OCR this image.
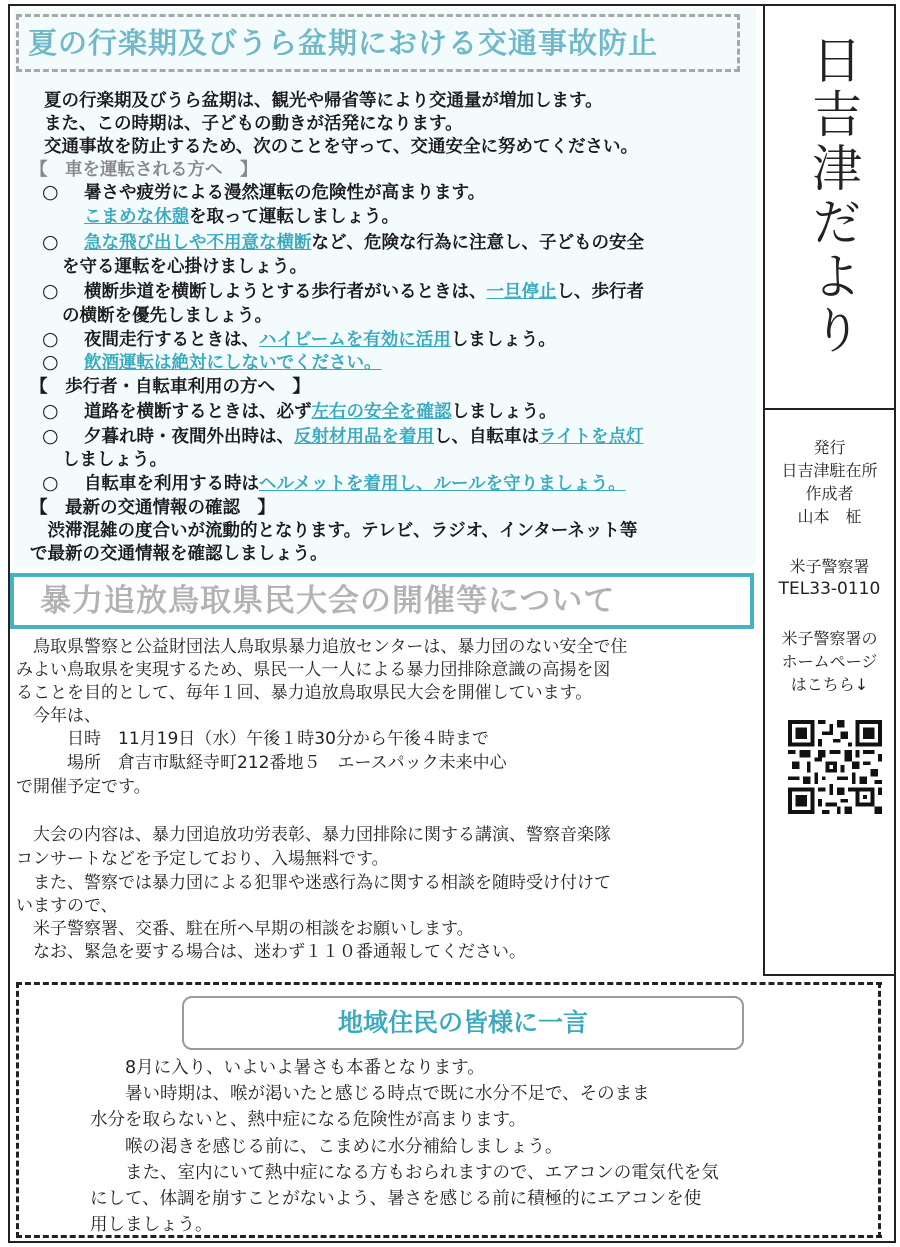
夏の行楽期及びうら盆期における交通事故防止
夏の行楽期及びうら盆期は、観光や帰省等により交通量が増加します。
また、この時期は、子どもの動きが活発になります。
交通事故を防止するため、次のことを守って、交通安全に努めてください。
【　車を運転される方へ　】
○ 暑さや疲労による漫然運転の危険性が高まります。
こまめな休憩を取って運転しましょう。
○ 急な飛び出しや不用意な横断など、危険な行為に注意し、子どもの安全
を守る運転を心掛けましょう。
○ 横断歩道を横断しようとする歩行者がいるときは、一旦停止し、歩行者
の横断を優先しましょう。
○ 夜間走行するときは、ハイビームを有効に活用しましょう。
○ 飲酒運転は絶対にしないでください。
【　歩行者・自転車利用の方へ　】
○ 道路を横断するときは、必ず左右の安全を確認しましょう。
○ 夕暮れ時・夜間外出時は、反射材用品を着用し、自転車はライトを点灯
しましょう。
○ 自転車を利用する時はヘルメットを着用し、ルールを守りましょう。
【　最新の交通情報の確認　】
　渋滞混雑の度合いが流動的となります。テレビ、ラジオ、インターネット等
で最新の交通情報を確認しましょう。
暴力追放鳥取県民大会の開催等について
　鳥取県警察と公益財団法人鳥取県暴力追放センターは、暴力団のない安全で住
みよい鳥取県を実現するため、県民一人一人による暴力団排除意識の高揚を図
ることを目的として、毎年１回、暴力追放鳥取県民大会を開催しています。
　今年は、
　　　日時　11月19日（水）午後１時30分から午後４時まで
　　　場所　倉吉市駄経寺町212番地５　エースパック未来中心
で開催予定です。
　大会の内容は、暴力団追放功労表彰、暴力団排除に関する講演、警察音楽隊
コンサートなどを予定しており、入場無料です。
　また、警察では暴力団による犯罪や迷惑行為に関する相談を随時受け付けて
いますので、
　米子警察署、交番、駐在所へ早期の相談をお願いします。
　なお、緊急を要する場合は、迷わず１１０番通報してください。
日吉津だより
発行
日吉津駐在所
作成者
山本　柾
米子警察署
TEL33-0110
米子警察署の
ホームページ
はこちら↓
地域住民の皆様に一言
　　8月に入り、いよいよ暑さも本番となります。
　　暑い時期は、喉が渇いたと感じる時点で既に水分不足で、そのまま
水分を取らないと、熱中症になる危険性が高まります。
　　喉の渇きを感じる前に、こまめに水分補給しましょう。
　　また、室内にいて熱中症になる方もおられますので、エアコンの電気代を気
にして、体調を崩すことがないよう、暑さを感じる前に積極的にエアコンを使
用しましょう。
